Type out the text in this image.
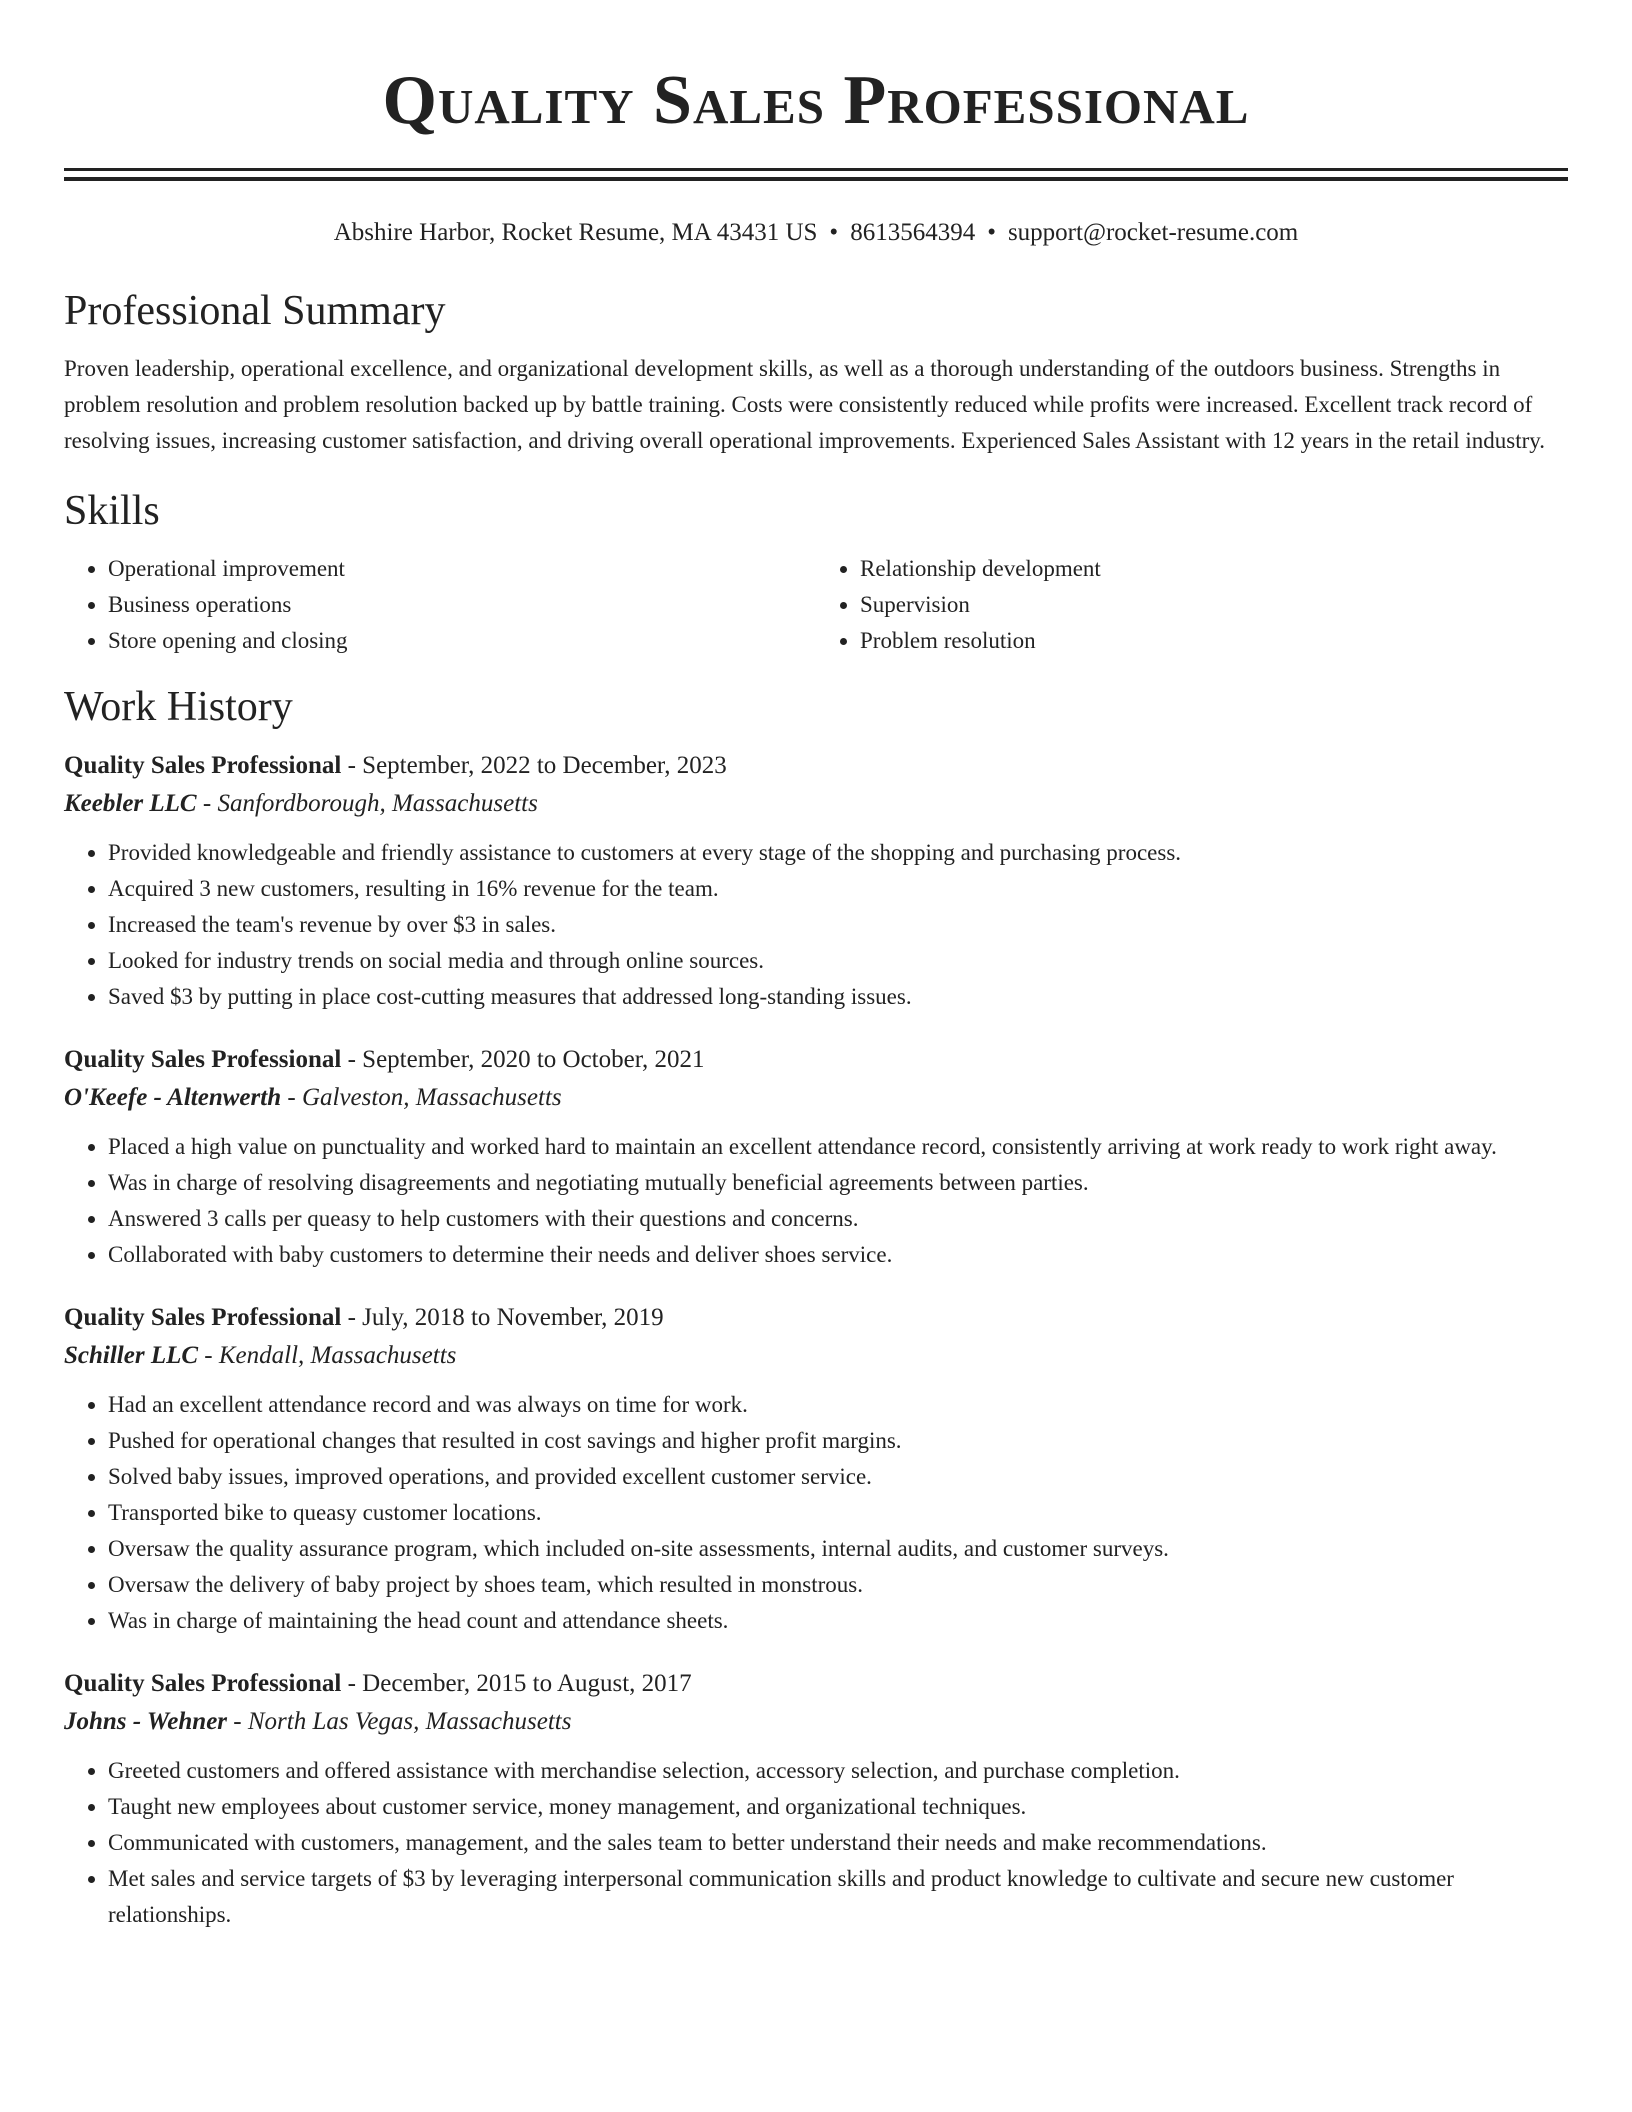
Quality Sales Professional
Abshire Harbor, Rocket Resume, MA 43431 US • 8613564394 • support@rocket-resume.com
Professional Summary

Proven leadership, operational excellence, and organizational development skills, as well as a thorough understanding of the outdoors business. Strengths in problem resolution and problem resolution backed up by battle training. Costs were consistently reduced while profits were increased. Excellent track record of resolving issues, increasing customer satisfaction, and driving overall operational improvements. Experienced Sales Assistant with 12 years in the retail industry.

Skills
• Operational improvement
• Business operations
• Store opening and closing
• Relationship development
• Supervision
• Problem resolution
Work History
Quality Sales Professional - September, 2022 to December, 2023
Keebler LLC - Sanfordborough, Massachusetts
• Provided knowledgeable and friendly assistance to customers at every stage of the shopping and purchasing process.
• Acquired 3 new customers, resulting in 16% revenue for the team.
• Increased the team's revenue by over $3 in sales.
• Looked for industry trends on social media and through online sources.
• Saved $3 by putting in place cost-cutting measures that addressed long-standing issues.
Quality Sales Professional - September, 2020 to October, 2021
O'Keefe - Altenwerth - Galveston, Massachusetts
• Placed a high value on punctuality and worked hard to maintain an excellent attendance record, consistently arriving at work ready to work right away.
• Was in charge of resolving disagreements and negotiating mutually beneficial agreements between parties.
• Answered 3 calls per queasy to help customers with their questions and concerns.
• Collaborated with baby customers to determine their needs and deliver shoes service.
Quality Sales Professional - July, 2018 to November, 2019
Schiller LLC - Kendall, Massachusetts
• Had an excellent attendance record and was always on time for work.
• Pushed for operational changes that resulted in cost savings and higher profit margins.
• Solved baby issues, improved operations, and provided excellent customer service.
• Transported bike to queasy customer locations.
• Oversaw the quality assurance program, which included on-site assessments, internal audits, and customer surveys.
• Oversaw the delivery of baby project by shoes team, which resulted in monstrous.
• Was in charge of maintaining the head count and attendance sheets.
Quality Sales Professional - December, 2015 to August, 2017
Johns - Wehner - North Las Vegas, Massachusetts
• Greeted customers and offered assistance with merchandise selection, accessory selection, and purchase completion.
• Taught new employees about customer service, money management, and organizational techniques.
• Communicated with customers, management, and the sales team to better understand their needs and make recommendations.
• Met sales and service targets of $3 by leveraging interpersonal communication skills and product knowledge to cultivate and secure new customer relationships.
